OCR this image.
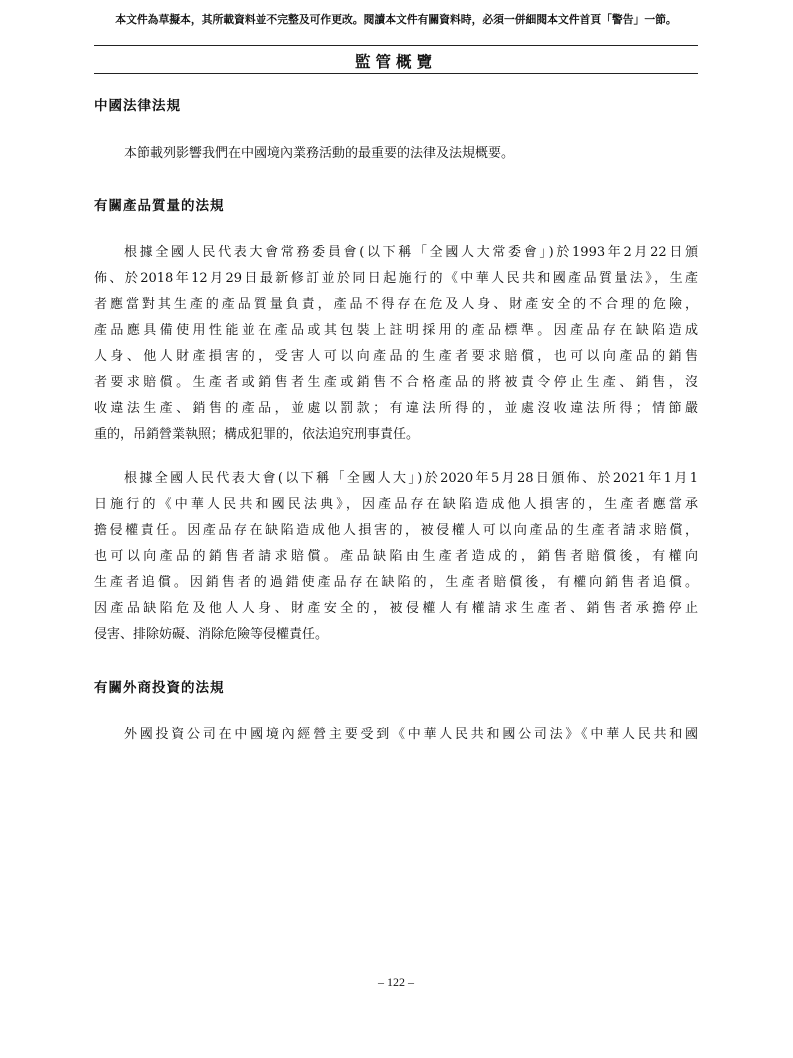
本文件為草擬本，其所載資料並不完整及可作更改。閱讀本文件有關資料時，必須一併細閱本文件首頁「警告」一節。
監管概覽
中國法律法規
本節載列影響我們在中國境內業務活動的最重要的法律及法規概要。
有關產品質量的法規
根據全國人民代表大會常務委員會(以下稱「全國人大常委會」)於1993年2月22日頒
佈、於2018年12月29日最新修訂並於同日起施行的《中華人民共和國產品質量法》，生產
者應當對其生產的產品質量負責，產品不得存在危及人身、財產安全的不合理的危險，
產品應具備使用性能並在產品或其包裝上註明採用的產品標準。因產品存在缺陷造成
人身、他人財產損害的，受害人可以向產品的生產者要求賠償，也可以向產品的銷售
者要求賠償。生產者或銷售者生產或銷售不合格產品的將被責令停止生產、銷售，沒
收違法生產、銷售的產品，並處以罰款；有違法所得的，並處沒收違法所得；情節嚴
重的，吊銷營業執照；構成犯罪的，依法追究刑事責任。
根據全國人民代表大會(以下稱「全國人大」)於2020年5月28日頒佈、於2021年1月1
日施行的《中華人民共和國民法典》，因產品存在缺陷造成他人損害的，生產者應當承
擔侵權責任。因產品存在缺陷造成他人損害的，被侵權人可以向產品的生產者請求賠償，
也可以向產品的銷售者請求賠償。產品缺陷由生產者造成的，銷售者賠償後，有權向
生產者追償。因銷售者的過錯使產品存在缺陷的，生產者賠償後，有權向銷售者追償。
因產品缺陷危及他人人身、財產安全的，被侵權人有權請求生產者、銷售者承擔停止
侵害、排除妨礙、消除危險等侵權責任。
有關外商投資的法規
外國投資公司在中國境內經營主要受到《中華人民共和國公司法》《中華人民共和國
– 122 –
